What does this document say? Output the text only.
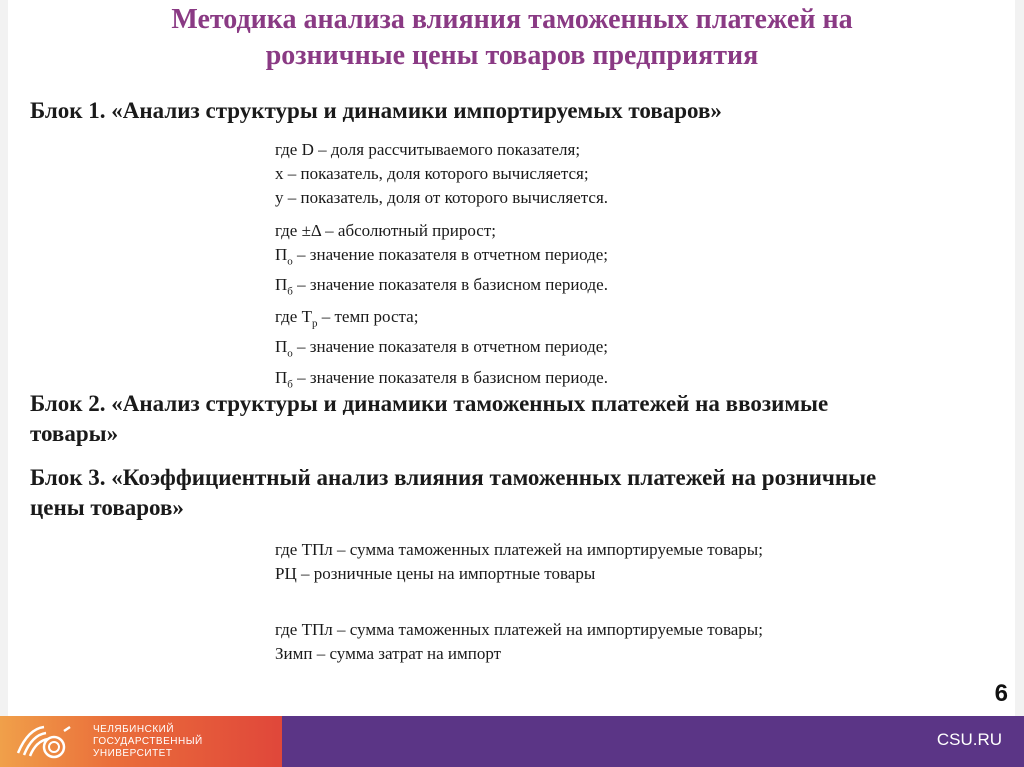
Методика анализа влияния таможенных платежей на
розничные цены товаров предприятия
Блок 1. «Анализ структуры и динамики импортируемых товаров»
где D – доля рассчитываемого показателя;
x – показатель, доля которого вычисляется;
y – показатель, доля от которого вычисляется.
где ±Δ – абсолютный прирост;
$П_о$ – значение показателя в отчетном периоде;
$П_б$ – значение показателя в базисном периоде.
где $Т_р$ – темп роста;
$П_о$ – значение показателя в отчетном периоде;
$П_б$ – значение показателя в базисном периоде.
Блок 2. «Анализ структуры и динамики таможенных платежей на ввозимые
товары»
Блок 3. «Коэффициентный анализ влияния таможенных платежей на розничные
цены товаров»
где ТПл – сумма таможенных платежей на импортируемые товары;
РЦ – розничные цены на импортные товары
где ТПл – сумма таможенных платежей на импортируемые товары;
Зимп – сумма затрат на импорт
6
ЧЕЛЯБИНСКИЙ
ГОСУДАРСТВЕННЫЙ
УНИВЕРСИТЕТ
CSU.RU
